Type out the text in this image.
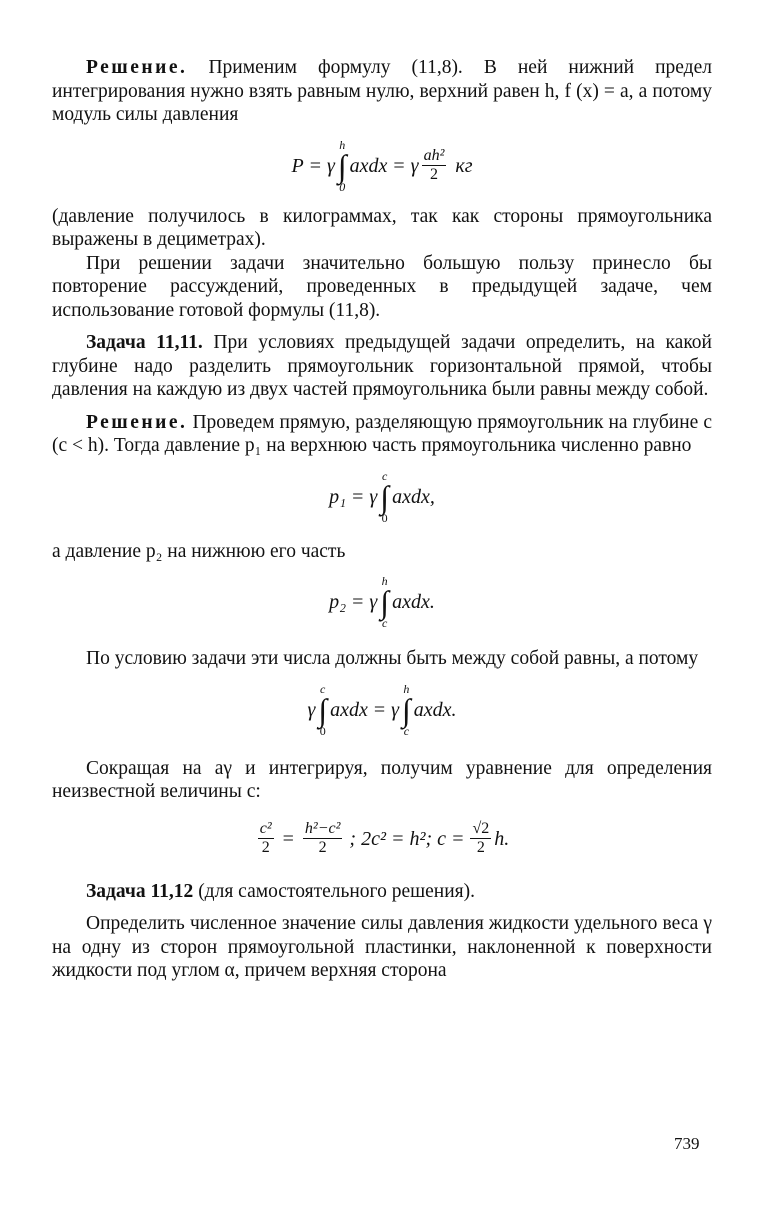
Решение. Применим формулу (11,8). В ней нижний предел интегрирования нужно взять равным нулю, верхний равен h, f (x) = a, а потому модуль силы давления

P = γ
h
∫
0
axdx = γ $\frac{\text{ah²}}{2}$ кг

(давление получилось в килограммах, так как стороны прямоугольника выражены в дециметрах).

При решении задачи значительно большую пользу принесло бы повторение рассуждений, проведенных в предыдущей задаче, чем использование готовой формулы (11,8).

Задача 11,11. При условиях предыдущей задачи определить, на какой глубине надо разделить прямоугольник горизонтальной прямой, чтобы давления на каждую из двух частей прямоугольника были равны между собой.

Решение. Проведем прямую, разделяющую прямоугольник на глубине c (c < h). Тогда давление p₁ на верхнюю часть прямоугольника численно равно

p₁ = γ
c
∫
0
axdx,

а давление p₂ на нижнюю его часть

p₂ = γ
h
∫
c
axdx.

По условию задачи эти числа должны быть между собой равны, а потому

γ
c
∫
0
axdx = γ
h
∫
c
axdx.

Сокращая на aγ и интегрируя, получим уравнение для определения неизвестной величины c:

$\frac{\text{c²}}{2} = \frac{\text{h²−c²}}{2}$ ; 2c² = h²; $c = \frac{√2}{2} h$.

Задача 11,12 (для самостоятельного решения).

Определить численное значение силы давления жидкости удельного веса γ на одну из сторон прямоугольной пластинки, наклоненной к поверхности жидкости под углом α, причем верхняя сторона

739
